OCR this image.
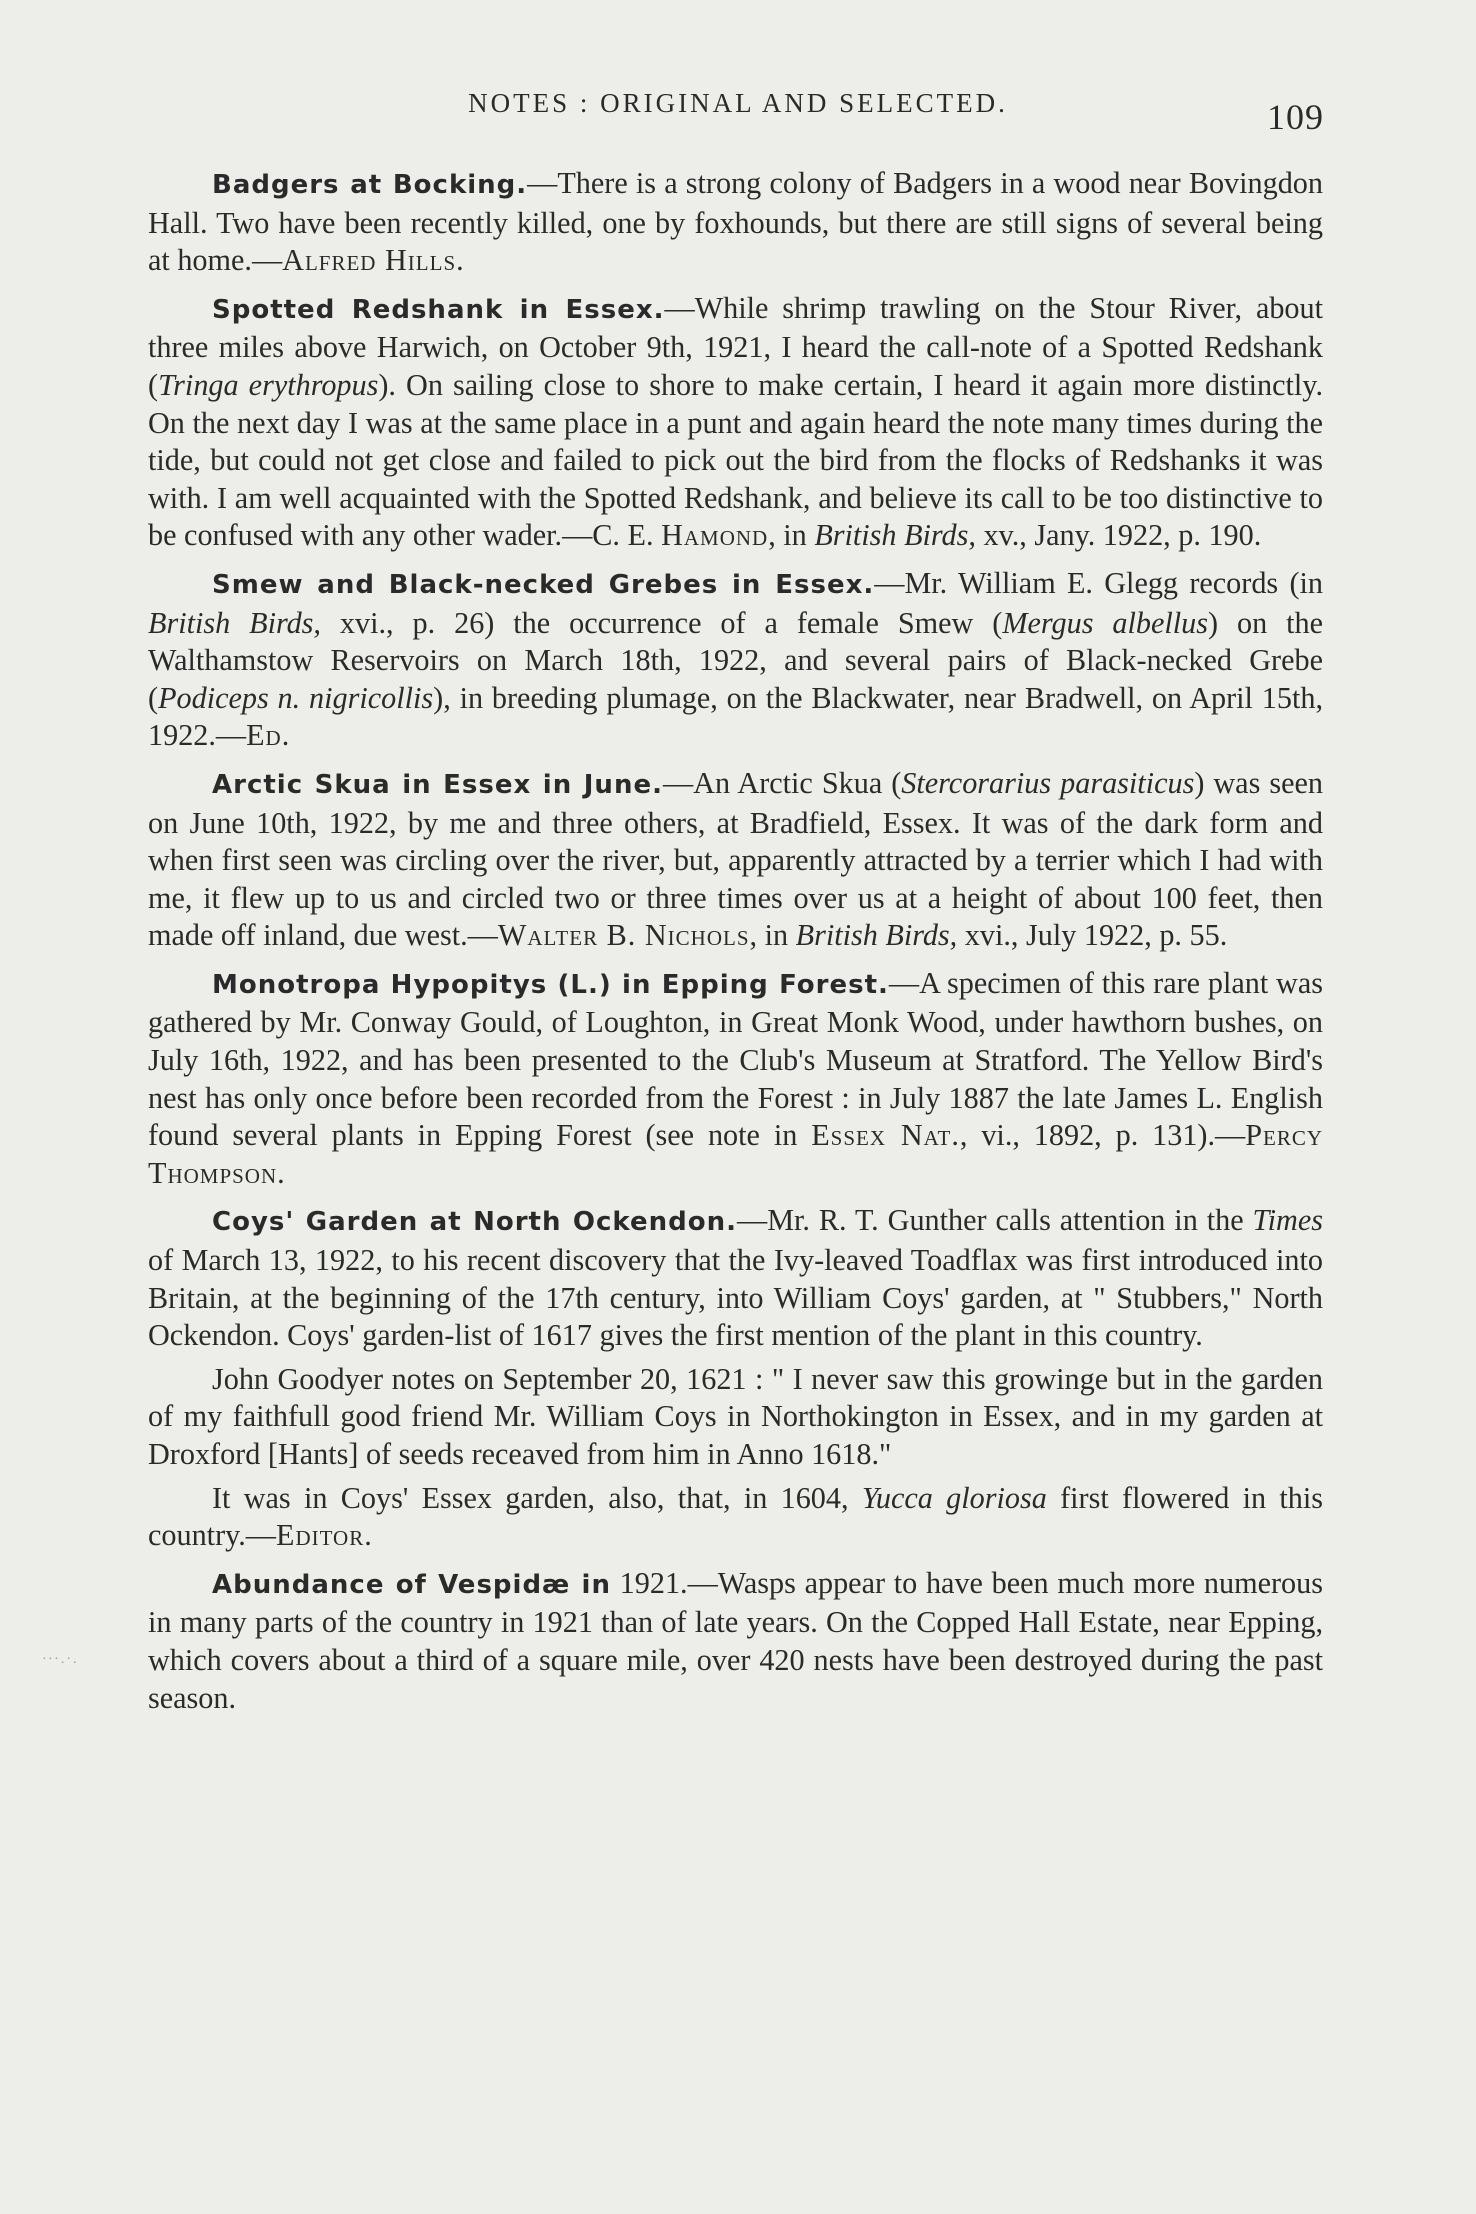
NOTES : ORIGINAL AND SELECTED.	109
·∙·.·.

Badgers at Bocking.—There is a strong colony of Badgers in a wood near Bovingdon Hall. Two have been recently killed, one by foxhounds, but there are still signs of several being at home.—Alfred Hills.

Spotted Redshank in Essex.—While shrimp trawling on the Stour River, about three miles above Harwich, on October 9th, 1921, I heard the call-note of a Spotted Redshank (Tringa erythropus). On sailing close to shore to make certain, I heard it again more distinctly. On the next day I was at the same place in a punt and again heard the note many times during the tide, but could not get close and failed to pick out the bird from the flocks of Redshanks it was with. I am well acquainted with the Spotted Redshank, and believe its call to be too distinctive to be confused with any other wader.—C. E. Hamond, in British Birds, xv., Jany. 1922, p. 190.

Smew and Black-necked Grebes in Essex.—Mr. William E. Glegg records (in British Birds, xvi., p. 26) the occurrence of a female Smew (Mergus albellus) on the Walthamstow Reservoirs on March 18th, 1922, and several pairs of Black-necked Grebe (Podiceps n. nigricollis), in breeding plumage, on the Blackwater, near Bradwell, on April 15th, 1922.—Ed.

Arctic Skua in Essex in June.—An Arctic Skua (Stercorarius parasiticus) was seen on June 10th, 1922, by me and three others, at Bradfield, Essex. It was of the dark form and when first seen was circling over the river, but, apparently attracted by a terrier which I had with me, it flew up to us and circled two or three times over us at a height of about 100 feet, then made off inland, due west.—Walter B. Nichols, in British Birds, xvi., July 1922, p. 55.

Monotropa Hypopitys (L.) in Epping Forest.—A specimen of this rare plant was gathered by Mr. Conway Gould, of Loughton, in Great Monk Wood, under hawthorn bushes, on July 16th, 1922, and has been presented to the Club's Museum at Stratford. The Yellow Bird's nest has only once before been recorded from the Forest : in July 1887 the late James L. English found several plants in Epping Forest (see note in Essex Nat., vi., 1892, p. 131).—Percy Thompson.

Coys' Garden at North Ockendon.—Mr. R. T. Gunther calls attention in the Times of March 13, 1922, to his recent discovery that the Ivy-leaved Toadflax was first introduced into Britain, at the beginning of the 17th century, into William Coys' garden, at " Stubbers," North Ockendon. Coys' garden-list of 1617 gives the first mention of the plant in this country.

John Goodyer notes on September 20, 1621 : " I never saw this growinge but in the garden of my faithfull good friend Mr. William Coys in Northokington in Essex, and in my garden at Droxford [Hants] of seeds receaved from him in Anno 1618."

It was in Coys' Essex garden, also, that, in 1604, Yucca gloriosa first flowered in this country.—Editor.

Abundance of Vespidæ in 1921.—Wasps appear to have been much more numerous in many parts of the country in 1921 than of late years. On the Copped Hall Estate, near Epping, which covers about a third of a square mile, over 420 nests have been destroyed during the past season.
